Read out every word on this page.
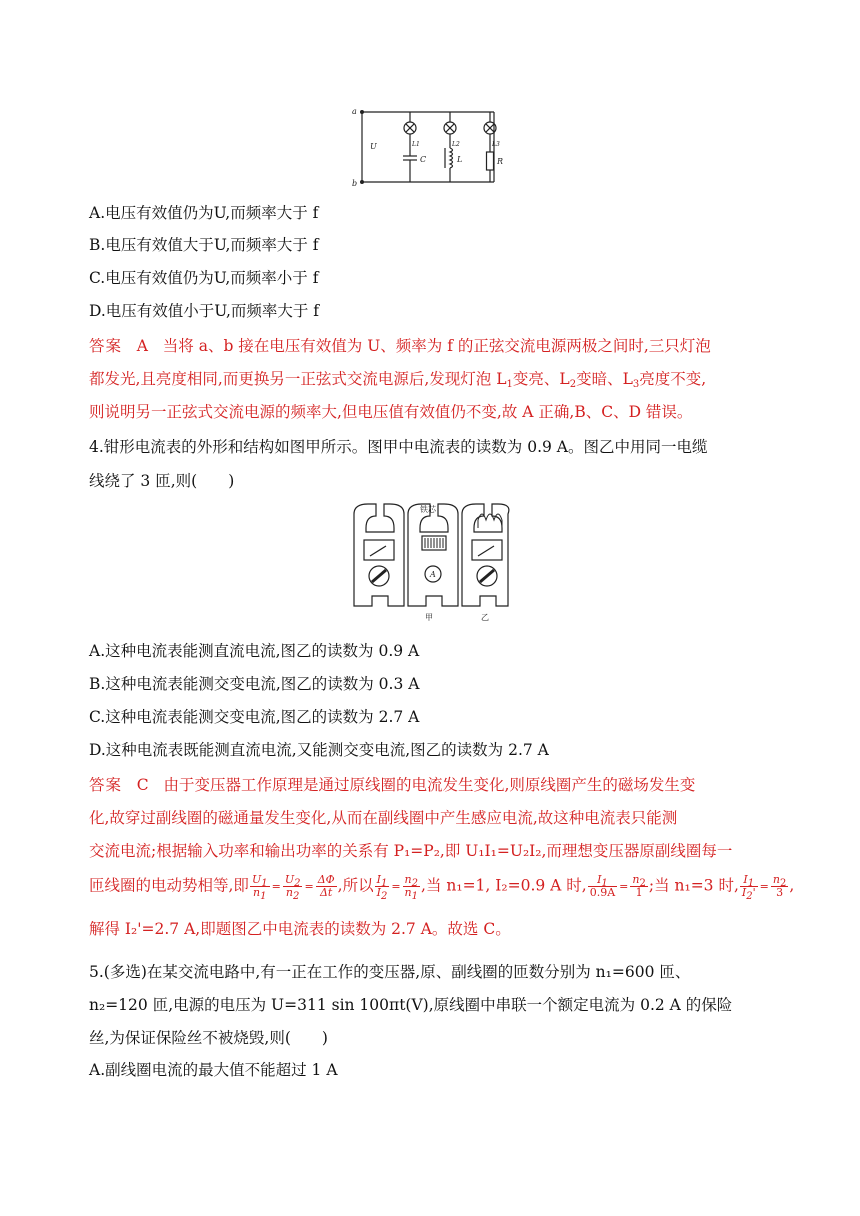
a
b
U	L1	L2	L3
C	L	R
A.电压有效值仍为U,而频率大于 f
B.电压有效值大于U,而频率大于 f
C.电压有效值仍为U,而频率小于 f
D.电压有效值小于U,而频率大于 f
答案 A 当将 a、b 接在电压有效值为 U、频率为 f 的正弦交流电源两极之间时,三只灯泡
都发光,且亮度相同,而更换另一正弦式交流电源后,发现灯泡 $L_1$变亮、$L_2$变暗、$L_3$亮度不变,
则说明另一正弦式交流电源的频率大,但电压值有效值仍不变,故 A 正确,B、C、D 错误。
4.钳形电流表的外形和结构如图甲所示。图甲中电流表的读数为 0.9 A。图乙中用同一电缆
线绕了 3 匝,则(　　)
铁芯
A
甲	乙
A.这种电流表能测直流电流,图乙的读数为 0.9 A
B.这种电流表能测交变电流,图乙的读数为 0.3 A
C.这种电流表能测交变电流,图乙的读数为 2.7 A
D.这种电流表既能测直流电流,又能测交变电流,图乙的读数为 2.7 A
答案 C 由于变压器工作原理是通过原线圈的电流发生变化,则原线圈产生的磁场发生变
化,故穿过副线圈的磁通量发生变化,从而在副线圈中产生感应电流,故这种电流表只能测
交流电流;根据输入功率和输出功率的关系有 P₁=P₂,即 U₁I₁=U₂I₂,而理想变压器原副线圈每一
匝线圈的电动势相等,即 $\frac{U_1}{n_1} = \frac{U_2}{n_2} = \frac{\Delta\Phi}{\Delta t}$ ,所以 $\frac{I_1}{I_2} = \frac{n_2}{n_1}$ ,当 n₁=1, I₂=0.9 A 时, $\frac{I_1}{0.9A} = \frac{n_2}{1}$ ;当 n₁=3 时, $\frac{I_1}{I_2'} = \frac{n_2}{3}$ ,
解得 I₂'=2.7 A,即题图乙中电流表的读数为 2.7 A。故选 C。
5.(多选)在某交流电路中,有一正在工作的变压器,原、副线圈的匝数分别为 n₁=600 匝、
n₂=120 匝,电源的电压为 U=311 sin 100πt(V),原线圈中串联一个额定电流为 0.2 A 的保险
丝,为保证保险丝不被烧毁,则(　　)
A.副线圈电流的最大值不能超过 1 A
